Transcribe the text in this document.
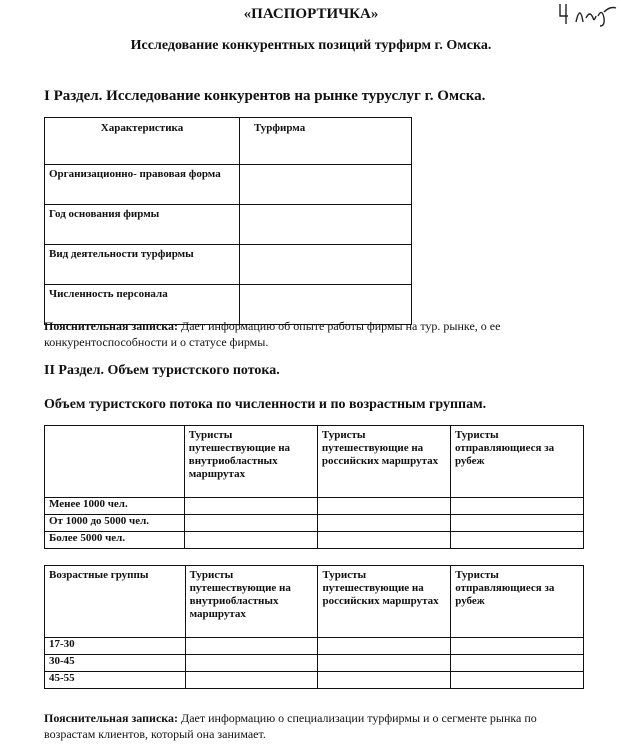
«ПАСПОРТИЧКА»
Исследование конкурентных позиций турфирм г. Омска.
I Раздел. Исследование конкурентов на рынке туруслуг г. Омска.
Характеристика	Турфирма
Организационно- правовая форма	
Год основания фирмы	
Вид деятельности турфирмы	
Численность персонала	
Пояснительная записка: Дает информацию об опыте работы фирмы на тур. рынке, о ее конкурентоспособности и о статусе фирмы.
II Раздел. Объем туристского потока.
Объем туристского потока по численности и по возрастным группам.
	Туристы путешествующие на внутриобластных маршрутах	Туристы путешествующие на российских маршрутах	Туристы отправляющиеся за рубеж
Менее 1000 чел.			
От 1000 до 5000 чел.			
Более 5000 чел.			
Возрастные группы	Туристы путешествующие на внутриобластных маршрутах	Туристы путешествующие на российских маршрутах	Туристы отправляющиеся за рубеж
17-30			
30-45			
45-55			
Пояснительная записка: Дает информацию о специализации турфирмы и о сегменте рынка по возрастам клиентов, который она занимает.
